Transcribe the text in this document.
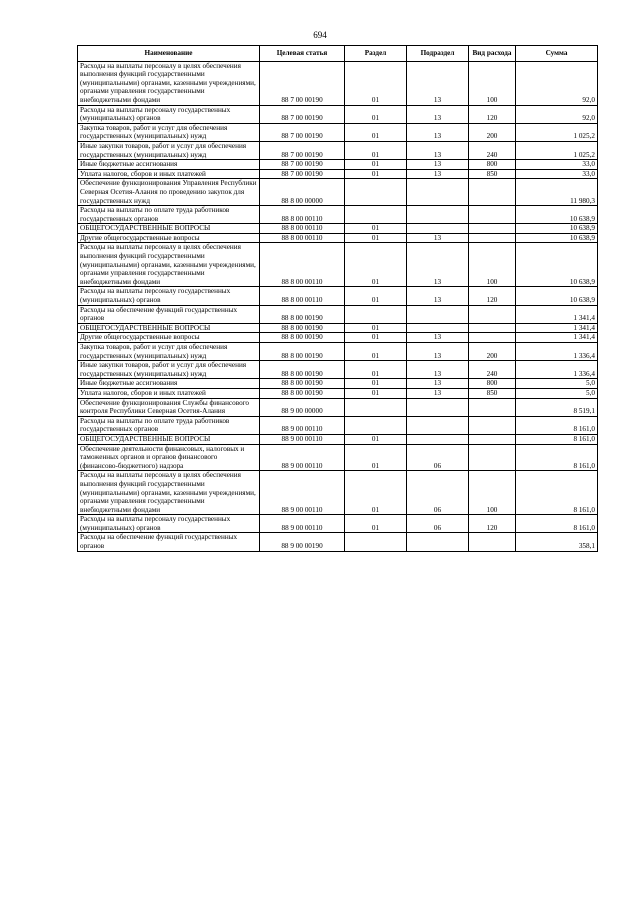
694
Наименование	Целевая статья	Раздел	Подраздел	Вид расхода	Сумма

Расходы на выплаты персоналу в целях обеспечения выполнения функций государственными (муниципальными) органами, казенными учреждениями, органами управления государственными внебюджетными фондами	88 7 00 00190	01	13	100	92,0

Расходы на выплаты персоналу государственных (муниципальных) органов	88 7 00 00190	01	13	120	92,0

Закупка товаров, работ и услуг для обеспечения государственных (муниципальных) нужд	88 7 00 00190	01	13	200	1 025,2

Иные закупки товаров, работ и услуг для обеспечения государственных (муниципальных) нужд	88 7 00 00190	01	13	240	1 025,2

Иные бюджетные ассигнования	88 7 00 00190	01	13	800	33,0

Уплата налогов, сборов и иных платежей	88 7 00 00190	01	13	850	33,0

Обеспечение функционирования Управления Республики Северная Осетия-Алания по проведению закупок для государственных нужд	88 8 00 00000				11 980,3

Расходы на выплаты по оплате труда работников государственных органов	88 8 00 00110				10 638,9

ОБЩЕГОСУДАРСТВЕННЫЕ ВОПРОСЫ	88 8 00 00110	01			10 638,9

Другие общегосударственные вопросы	88 8 00 00110	01	13		10 638,9

Расходы на выплаты персоналу в целях обеспечения выполнения функций государственными (муниципальными) органами, казенными учреждениями, органами управления государственными внебюджетными фондами	88 8 00 00110	01	13	100	10 638,9

Расходы на выплаты персоналу государственных (муниципальных) органов	88 8 00 00110	01	13	120	10 638,9

Расходы на обеспечение функций государственных органов	88 8 00 00190				1 341,4

ОБЩЕГОСУДАРСТВЕННЫЕ ВОПРОСЫ	88 8 00 00190	01			1 341,4

Другие общегосударственные вопросы	88 8 00 00190	01	13		1 341,4

Закупка товаров, работ и услуг для обеспечения государственных (муниципальных) нужд	88 8 00 00190	01	13	200	1 336,4

Иные закупки товаров, работ и услуг для обеспечения государственных (муниципальных) нужд	88 8 00 00190	01	13	240	1 336,4

Иные бюджетные ассигнования	88 8 00 00190	01	13	800	5,0

Уплата налогов, сборов и иных платежей	88 8 00 00190	01	13	850	5,0

Обеспечение функционирования Службы финансового контроля Республики Северная Осетия-Алания	88 9 00 00000				8 519,1

Расходы на выплаты по оплате труда работников государственных органов	88 9 00 00110				8 161,0

ОБЩЕГОСУДАРСТВЕННЫЕ ВОПРОСЫ	88 9 00 00110	01			8 161,0

Обеспечение деятельности финансовых, налоговых и таможенных органов и органов финансового (финансово-бюджетного) надзора	88 9 00 00110	01	06		8 161,0

Расходы на выплаты персоналу в целях обеспечения выполнения функций государственными (муниципальными) органами, казенными учреждениями, органами управления государственными внебюджетными фондами	88 9 00 00110	01	06	100	8 161,0

Расходы на выплаты персоналу государственных (муниципальных) органов	88 9 00 00110	01	06	120	8 161,0

Расходы на обеспечение функций государственных органов	88 9 00 00190				358,1
